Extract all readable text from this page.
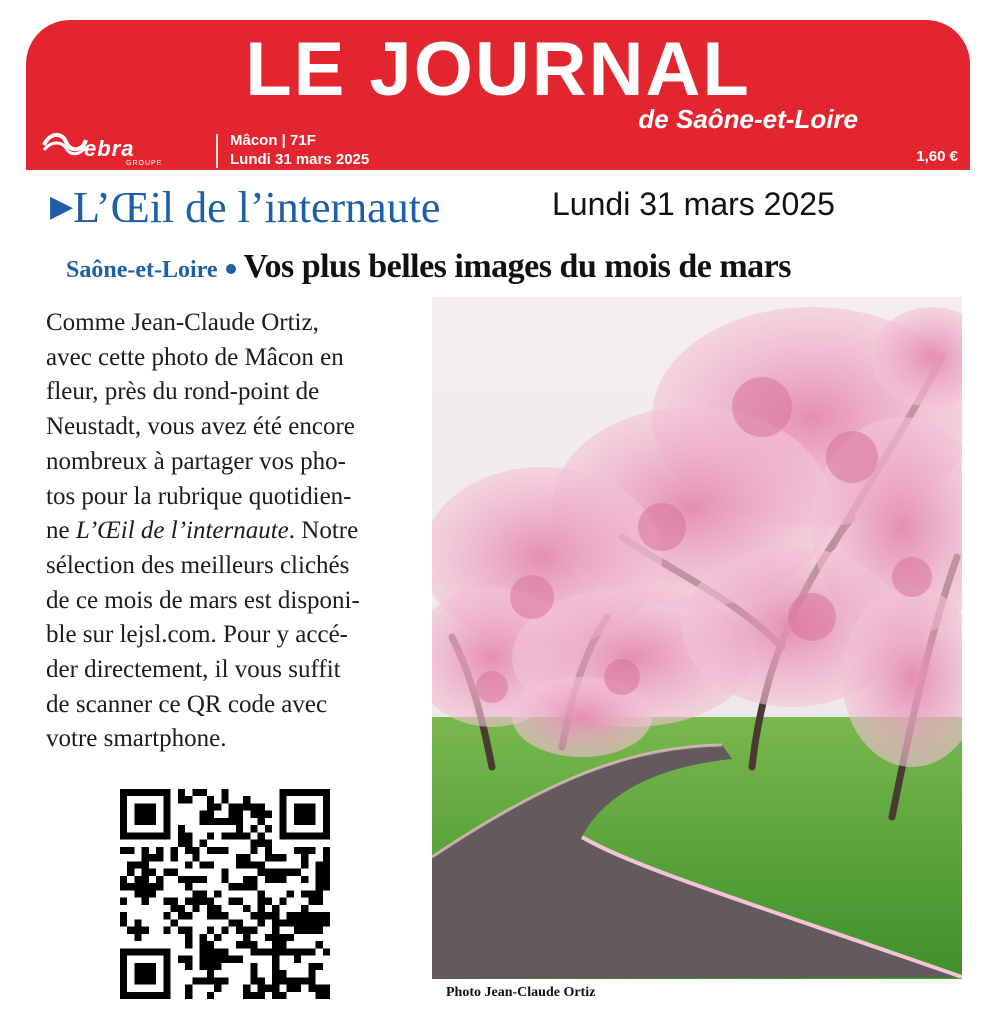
LE JOURNAL
de Saône-et-Loire
ebra
GROUPE
Mâcon | 71F
Lundi 31 mars 2025	1,60 €
▶L’Œil de l’internaute	Lundi 31 mars 2025
Saône-et-Loire Vos plus belles images du mois de mars
Comme Jean-Claude Ortiz,
avec cette photo de Mâcon en
fleur, près du rond-point de
Neustadt, vous avez été encore
nombreux à partager vos pho-
tos pour la rubrique quotidien-
ne L’Œil de l’internaute. Notre
sélection des meilleurs clichés
de ce mois de mars est disponi-
ble sur lejsl.com. Pour y accé-
der directement, il vous suffit
de scanner ce QR code avec
votre smartphone.
Photo Jean-Claude Ortiz
